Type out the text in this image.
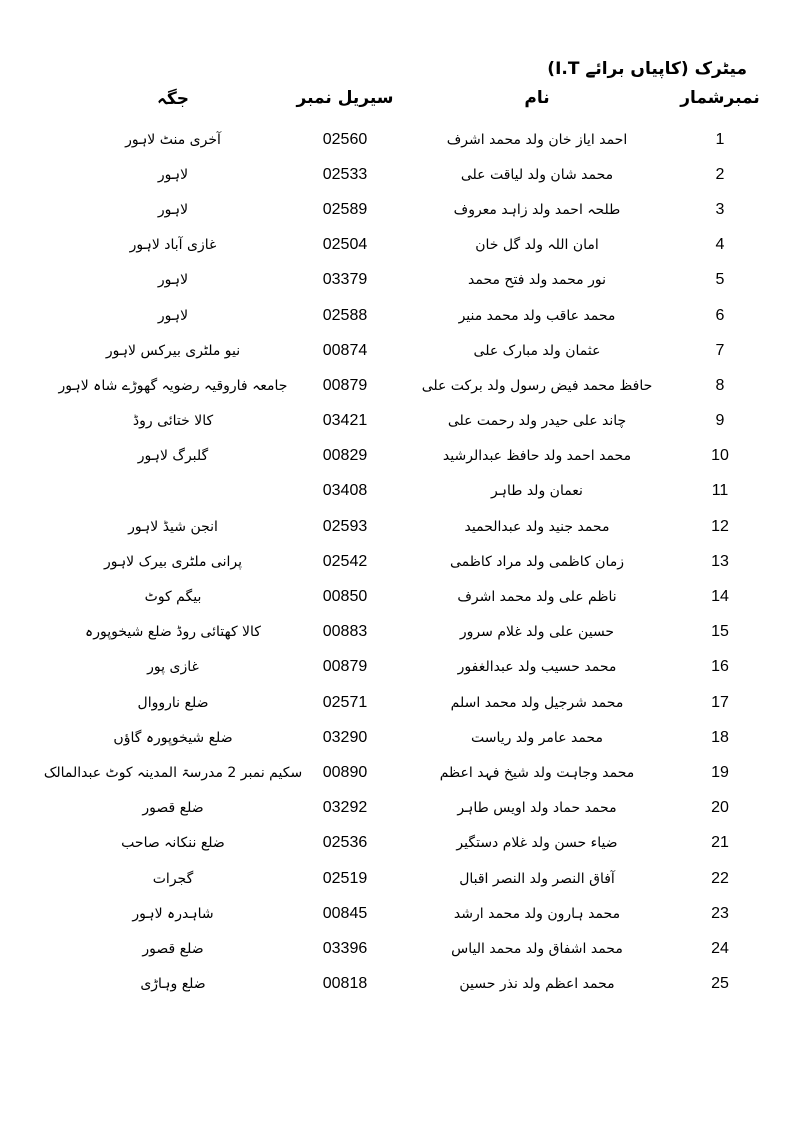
میٹرک (کاپیاں برائے I.T)
نمبرشمار
نام
سیریل نمبر
جگہ
1
احمد ایاز خان ولد محمد اشرف
02560
آخری منٹ لاہور
2
محمد شان ولد لیاقت علی
02533
لاہور
3
طلحہ احمد ولد زاہد معروف
02589
لاہور
4
امان اللہ ولد گل خان
02504
غازی آباد لاہور
5
نور محمد ولد فتح محمد
03379
لاہور
6
محمد عاقب ولد محمد منیر
02588
لاہور
7
عثمان ولد مبارک علی
00874
نیو ملٹری بیرکس لاہور
8
حافظ محمد فیض رسول ولد برکت علی
00879
جامعہ فاروقیہ رضویہ گھوڑے شاہ لاہور
9
چاند علی حیدر ولد رحمت علی
03421
کالا ختائی روڈ
10
محمد احمد ولد حافظ عبدالرشید
00829
گلبرگ لاہور
11
نعمان ولد طاہر
03408
12
محمد جنید ولد عبدالحمید
02593
انجن شیڈ لاہور
13
زمان کاظمی ولد مراد کاظمی
02542
پرانی ملٹری بیرک لاہور
14
ناظم علی ولد محمد اشرف
00850
بیگم کوٹ
15
حسین علی ولد غلام سرور
00883
کالا کھتائی روڈ ضلع شیخوپورہ
16
محمد حسیب ولد عبدالغفور
00879
غازی پور
17
محمد شرجیل ولد محمد اسلم
02571
ضلع نارووال
18
محمد عامر ولد ریاست
03290
ضلع شیخوپورہ گاؤں
19
محمد وجاہت ولد شیخ فہد اعظم
00890
سکیم نمبر 2 مدرسۃ المدینہ کوٹ عبدالمالک
20
محمد حماد ولد اویس طاہر
03292
ضلع قصور
21
ضیاء حسن ولد غلام دستگیر
02536
ضلع ننکانہ صاحب
22
آفاق النصر ولد النصر اقبال
02519
گجرات
23
محمد ہارون ولد محمد ارشد
00845
شاہدرہ لاہور
24
محمد اشفاق ولد محمد الیاس
03396
ضلع قصور
25
محمد اعظم ولد نذر حسین
00818
ضلع وہاڑی
